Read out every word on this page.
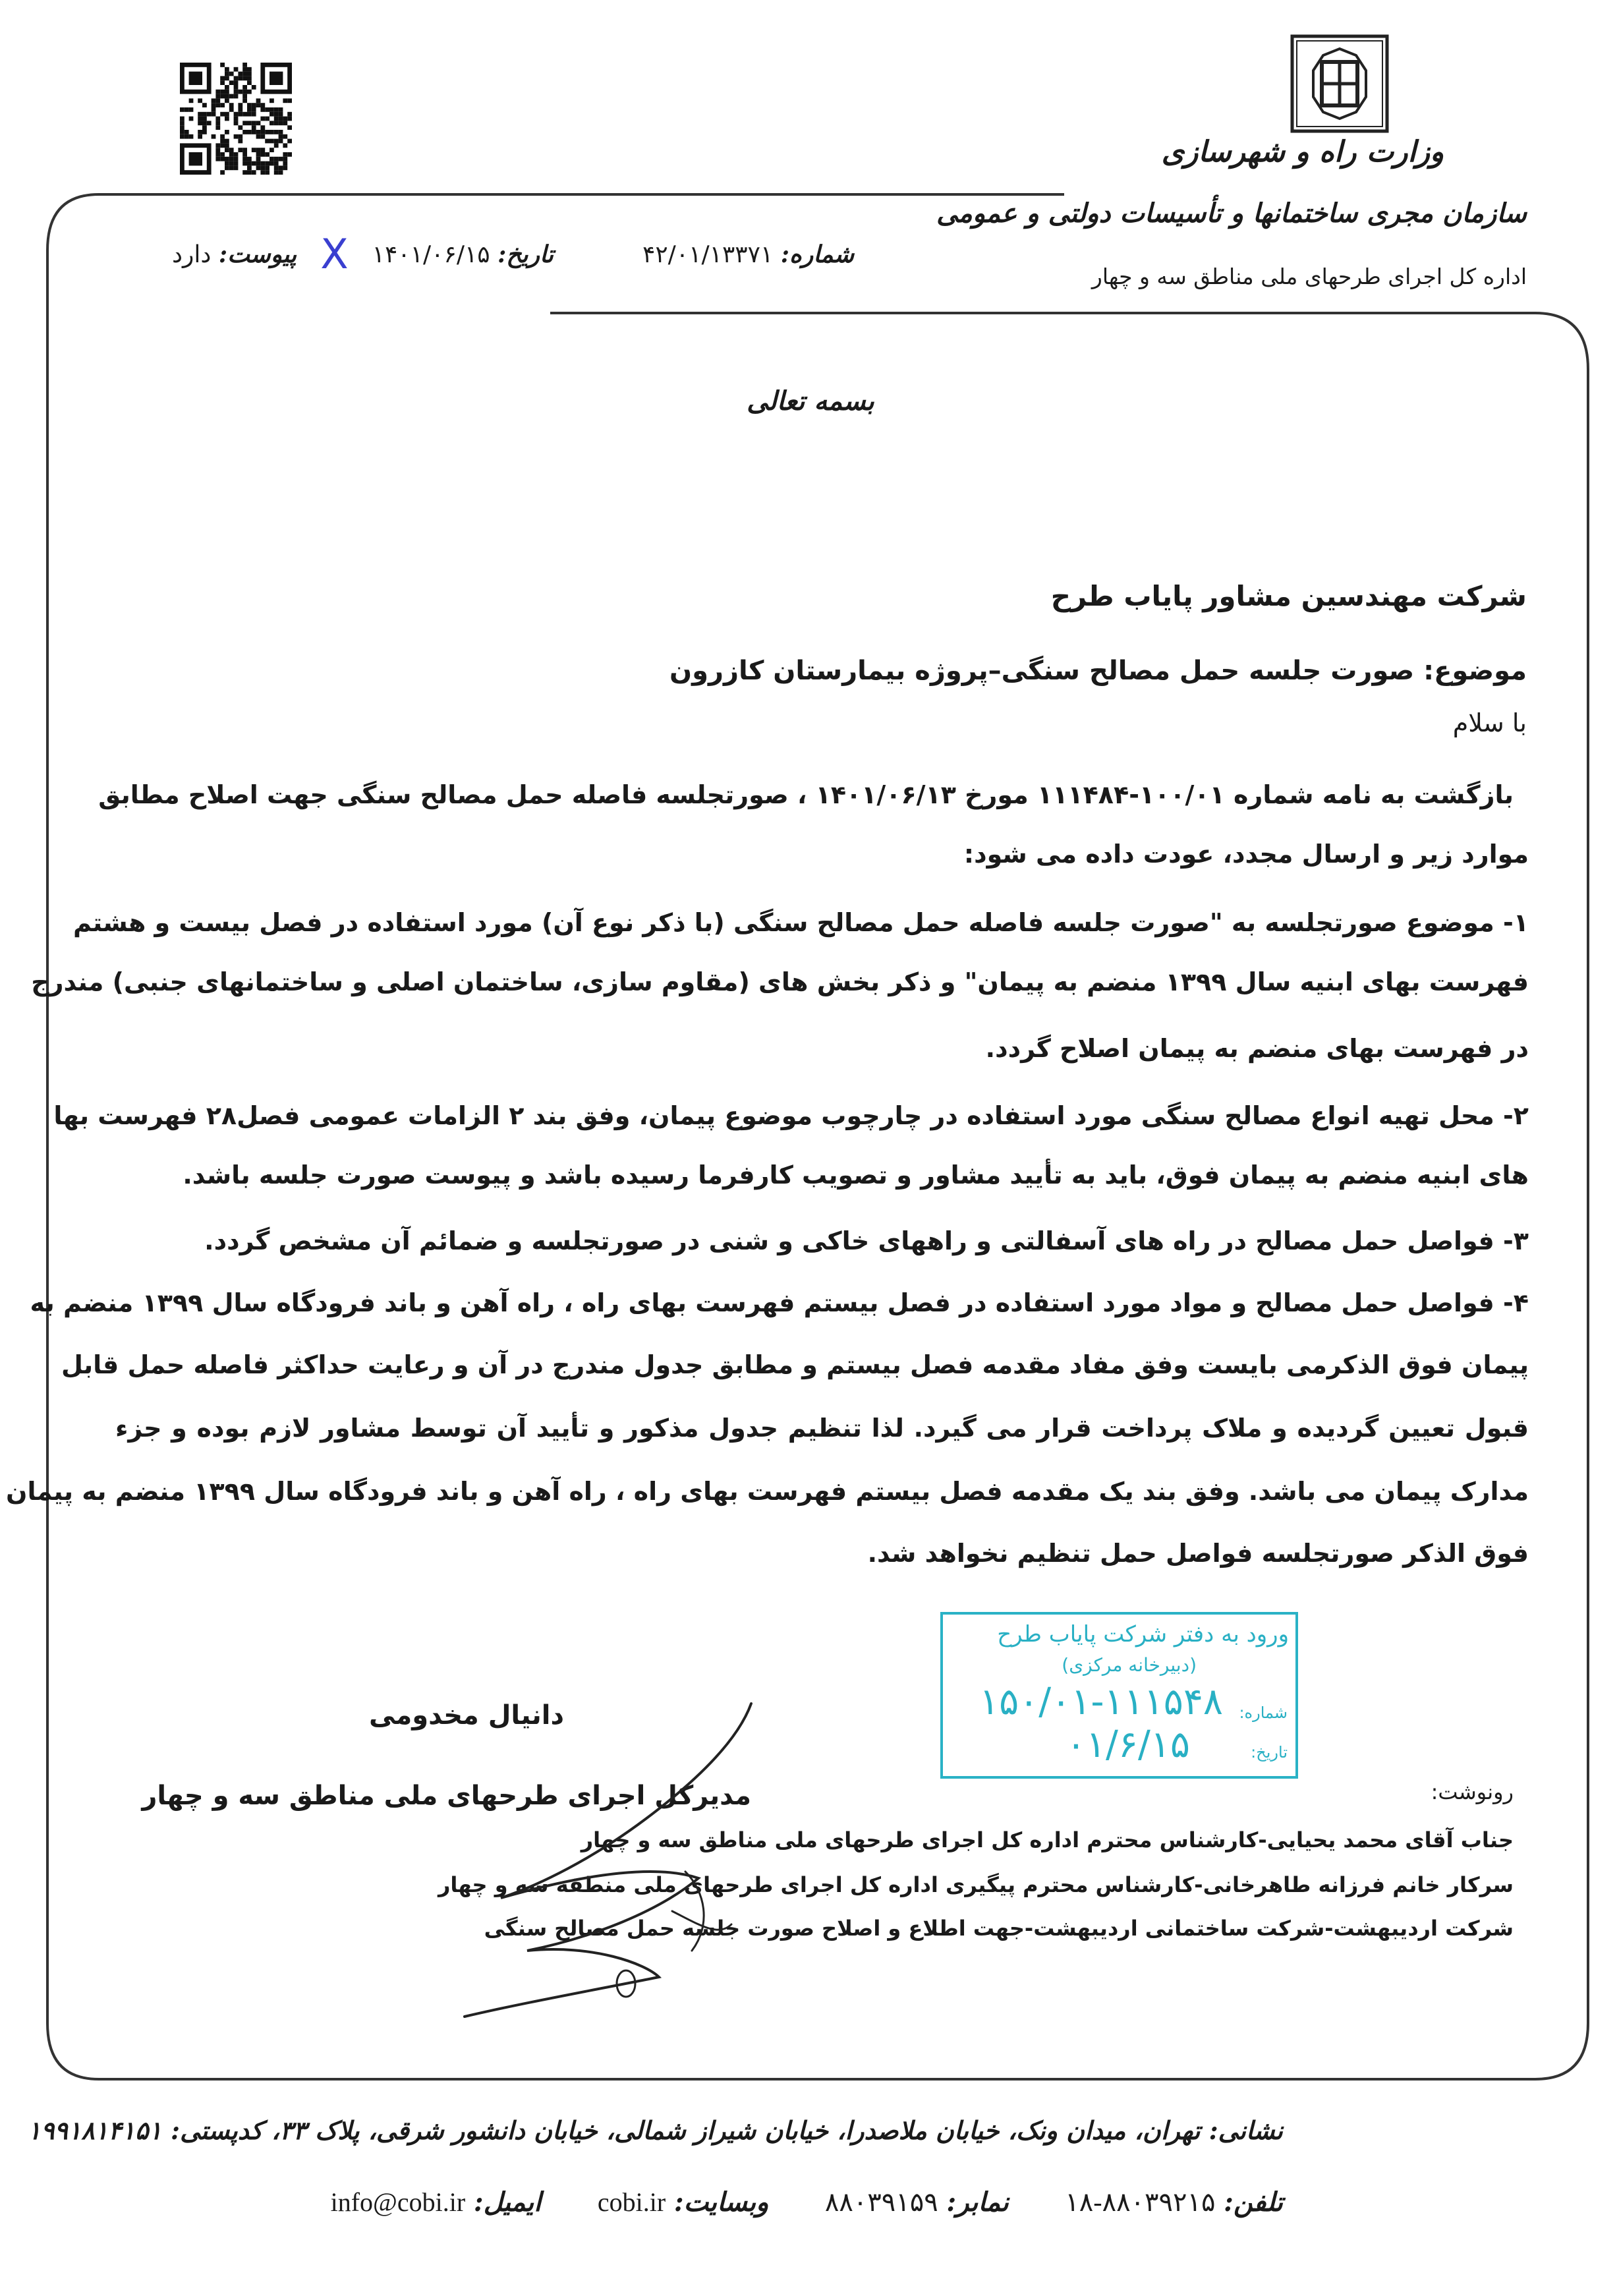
وزارت راه و شهرسازی
سازمان مجری ساختمانها و تأسیسات دولتی و عمومی
اداره کل اجرای طرحهای ملی مناطق سه و چهار
شماره: ۴۲/۰۱/۱۳۳۷۱
تاریخ: ۱۴۰۱/۰۶/۱۵
X
پیوست: دارد
بسمه تعالی
شرکت مهندسین مشاور پایاب طرح
موضوع: صورت جلسه حمل مصالح سنگی–پروژه بیمارستان کازرون
با سلام
بازگشت به نامه شماره ۱۰۰/۰۱-۱۱۱۴۸۴ مورخ ۱۴۰۱/۰۶/۱۳ ، صورتجلسه فاصله حمل مصالح سنگی جهت اصلاح مطابق
موارد زیر و ارسال مجدد، عودت داده می شود:
۱- موضوع صورتجلسه به "صورت جلسه فاصله حمل مصالح سنگی (با ذکر نوع آن) مورد استفاده در فصل بیست و هشتم
فهرست بهای ابنیه سال ۱۳۹۹ منضم به پیمان" و ذکر بخش های (مقاوم سازی، ساختمان اصلی و ساختمانهای جنبی) مندرج
در فهرست بهای منضم به پیمان اصلاح گردد.
۲- محل تهیه انواع مصالح سنگی مورد استفاده در چارچوب موضوع پیمان، وفق بند ۲ الزامات عمومی فصل۲۸ فهرست بها
های ابنیه منضم به پیمان فوق، باید به تأیید مشاور و تصویب کارفرما رسیده باشد و پیوست صورت جلسه باشد.
۳- فواصل حمل مصالح در راه های آسفالتی و راههای خاکی و شنی در صورتجلسه و ضمائم آن مشخص گردد.
۴- فواصل حمل مصالح و مواد مورد استفاده در فصل بیستم فهرست بهای راه ، راه آهن و باند فرودگاه سال ۱۳۹۹ منضم به
پیمان فوق الذکرمی بایست وفق مفاد مقدمه فصل بیستم و مطابق جدول مندرج در آن و رعایت حداکثر فاصله حمل قابل
قبول تعیین گردیده و ملاک پرداخت قرار می گیرد. لذا تنظیم جدول مذکور و تأیید آن توسط مشاور لازم بوده و جزء
مدارک پیمان می باشد. وفق بند یک مقدمه فصل بیستم فهرست بهای راه ، راه آهن و باند فرودگاه سال ۱۳۹۹ منضم به پیمان
فوق الذکر صورتجلسه فواصل حمل تنظیم نخواهد شد.
ورود به دفتر شرکت پایاب طرح
(دبیرخانه مرکزی)
شماره:
۱۵۰/۰۱-۱۱۱۵۴۸
تاریخ:
۰۱/۶/۱۵
دانیال مخدومی
مدیرکل اجرای طرحهای ملی مناطق سه و چهار	رونوشت:
جناب آقای محمد یحیایی-کارشناس محترم اداره کل اجرای طرحهای ملی مناطق سه و چهار
سرکار خانم فرزانه طاهرخانی-کارشناس محترم پیگیری اداره کل اجرای طرحهای ملی منطقه سه و چهار
شرکت اردیبهشت-شرکت ساختمانی اردیبهشت-جهت اطلاع و اصلاح صورت جلسه حمل مصالح سنگی
نشانی: تهران، میدان ونک، خیابان ملاصدرا، خیابان شیراز شمالی، خیابان دانشور شرقی، پلاک ۳۳، کدپستی: ۱۹۹۱۸۱۴۱۵۱
تلفن: ۸۸۰۳۹۲۱۵-۱۸  نمابر: ۸۸۰۳۹۱۵۹  وبسایت: cobi.ir  ایمیل: info@cobi.ir
